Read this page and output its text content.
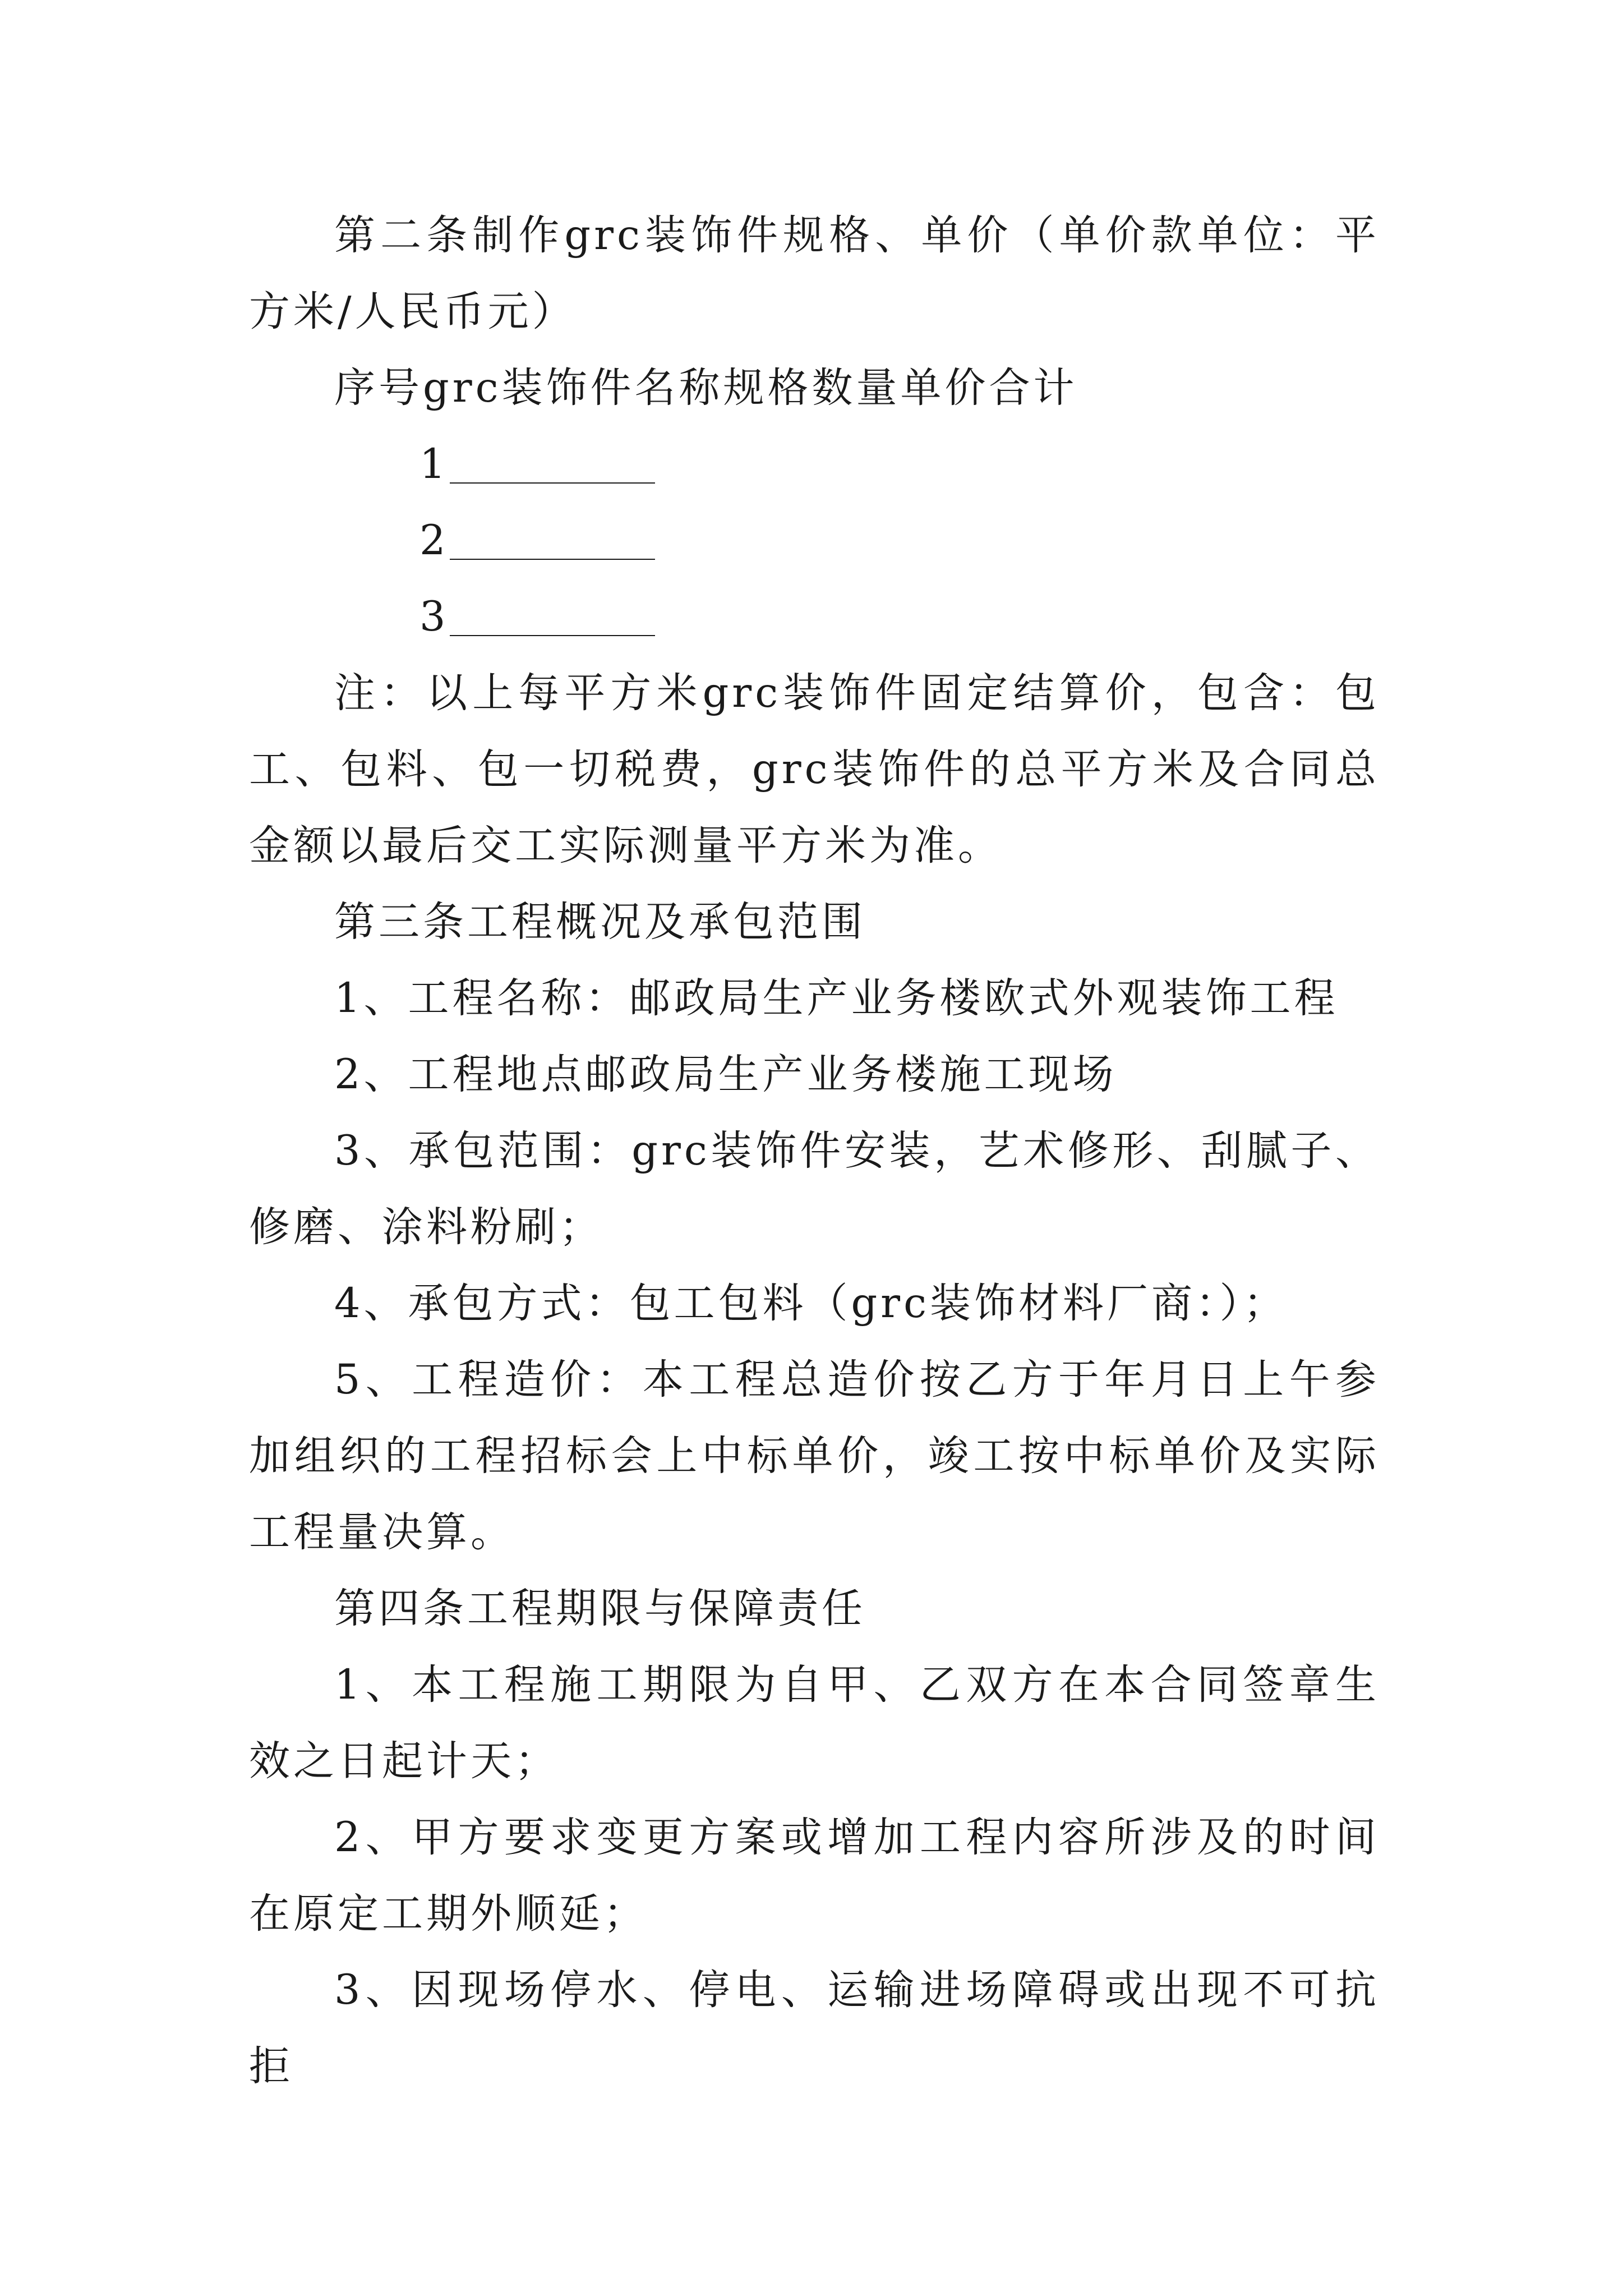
第二条制作grc装饰件规格、单价（单价款单位：平方米/人民币元）

序号grc装饰件名称规格数量单价合计

1
2
3

注：以上每平方米grc装饰件固定结算价，包含：包工、包料、包一切税费，grc装饰件的总平方米及合同总金额以最后交工实际测量平方米为准。

第三条工程概况及承包范围

1、工程名称：邮政局生产业务楼欧式外观装饰工程

2、工程地点邮政局生产业务楼施工现场

3、承包范围：grc装饰件安装，艺术修形、刮腻子、修磨、涂料粉刷；

4、承包方式：包工包料（grc装饰材料厂商：）；

5、工程造价：本工程总造价按乙方于年月日上午参加组织的工程招标会上中标单价，竣工按中标单价及实际工程量决算。

第四条工程期限与保障责任

1、本工程施工期限为自甲、乙双方在本合同签章生效之日起计天；

2、甲方要求变更方案或增加工程内容所涉及的时间在原定工期外顺延；

3、因现场停水、停电、运输进场障碍或出现不可抗拒
